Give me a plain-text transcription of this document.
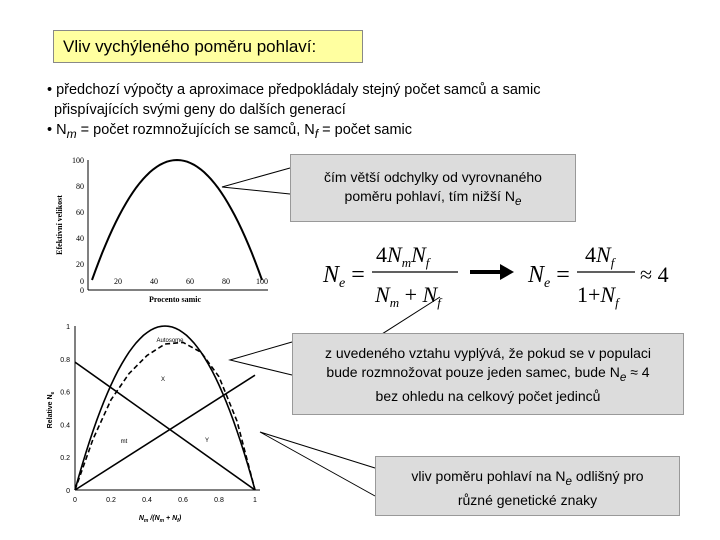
Vliv vychýleného poměru pohlaví:
• předchozí výpočty a aproximace předpokládaly stejný počet samců a samic
přispívajících svými geny do dalších generací
• $N_m$ = počet rozmnožujících se samců, $N_f$ = počet samic
0	20	40	60	80	100
0
20
40
60
80
100
Procento samic
Efektivní velikost
0	0.2	0.4	0.6	0.8	1
0
0.2
0.4
0.6
0.8
1
$N_m$ $/(N_m + N_f)$
Relative $N_e$
Autosome
X
mt	Y
$N_e$ =
$4N_mN_f$
$N_m + N_f$
$N_e$ =
$4N_f$
$1+N_f$
≈ 4
čím větší odchylky od vyrovnaného
poměru pohlaví, tím nižší $N_e$
z uvedeného vztahu vyplývá, že pokud se v populaci
bude rozmnožovat pouze jeden samec, bude $N_e \approx 4$
bez ohledu na celkový počet jedinců
vliv poměru pohlaví na $N_e$ odlišný pro
různé genetické znaky
